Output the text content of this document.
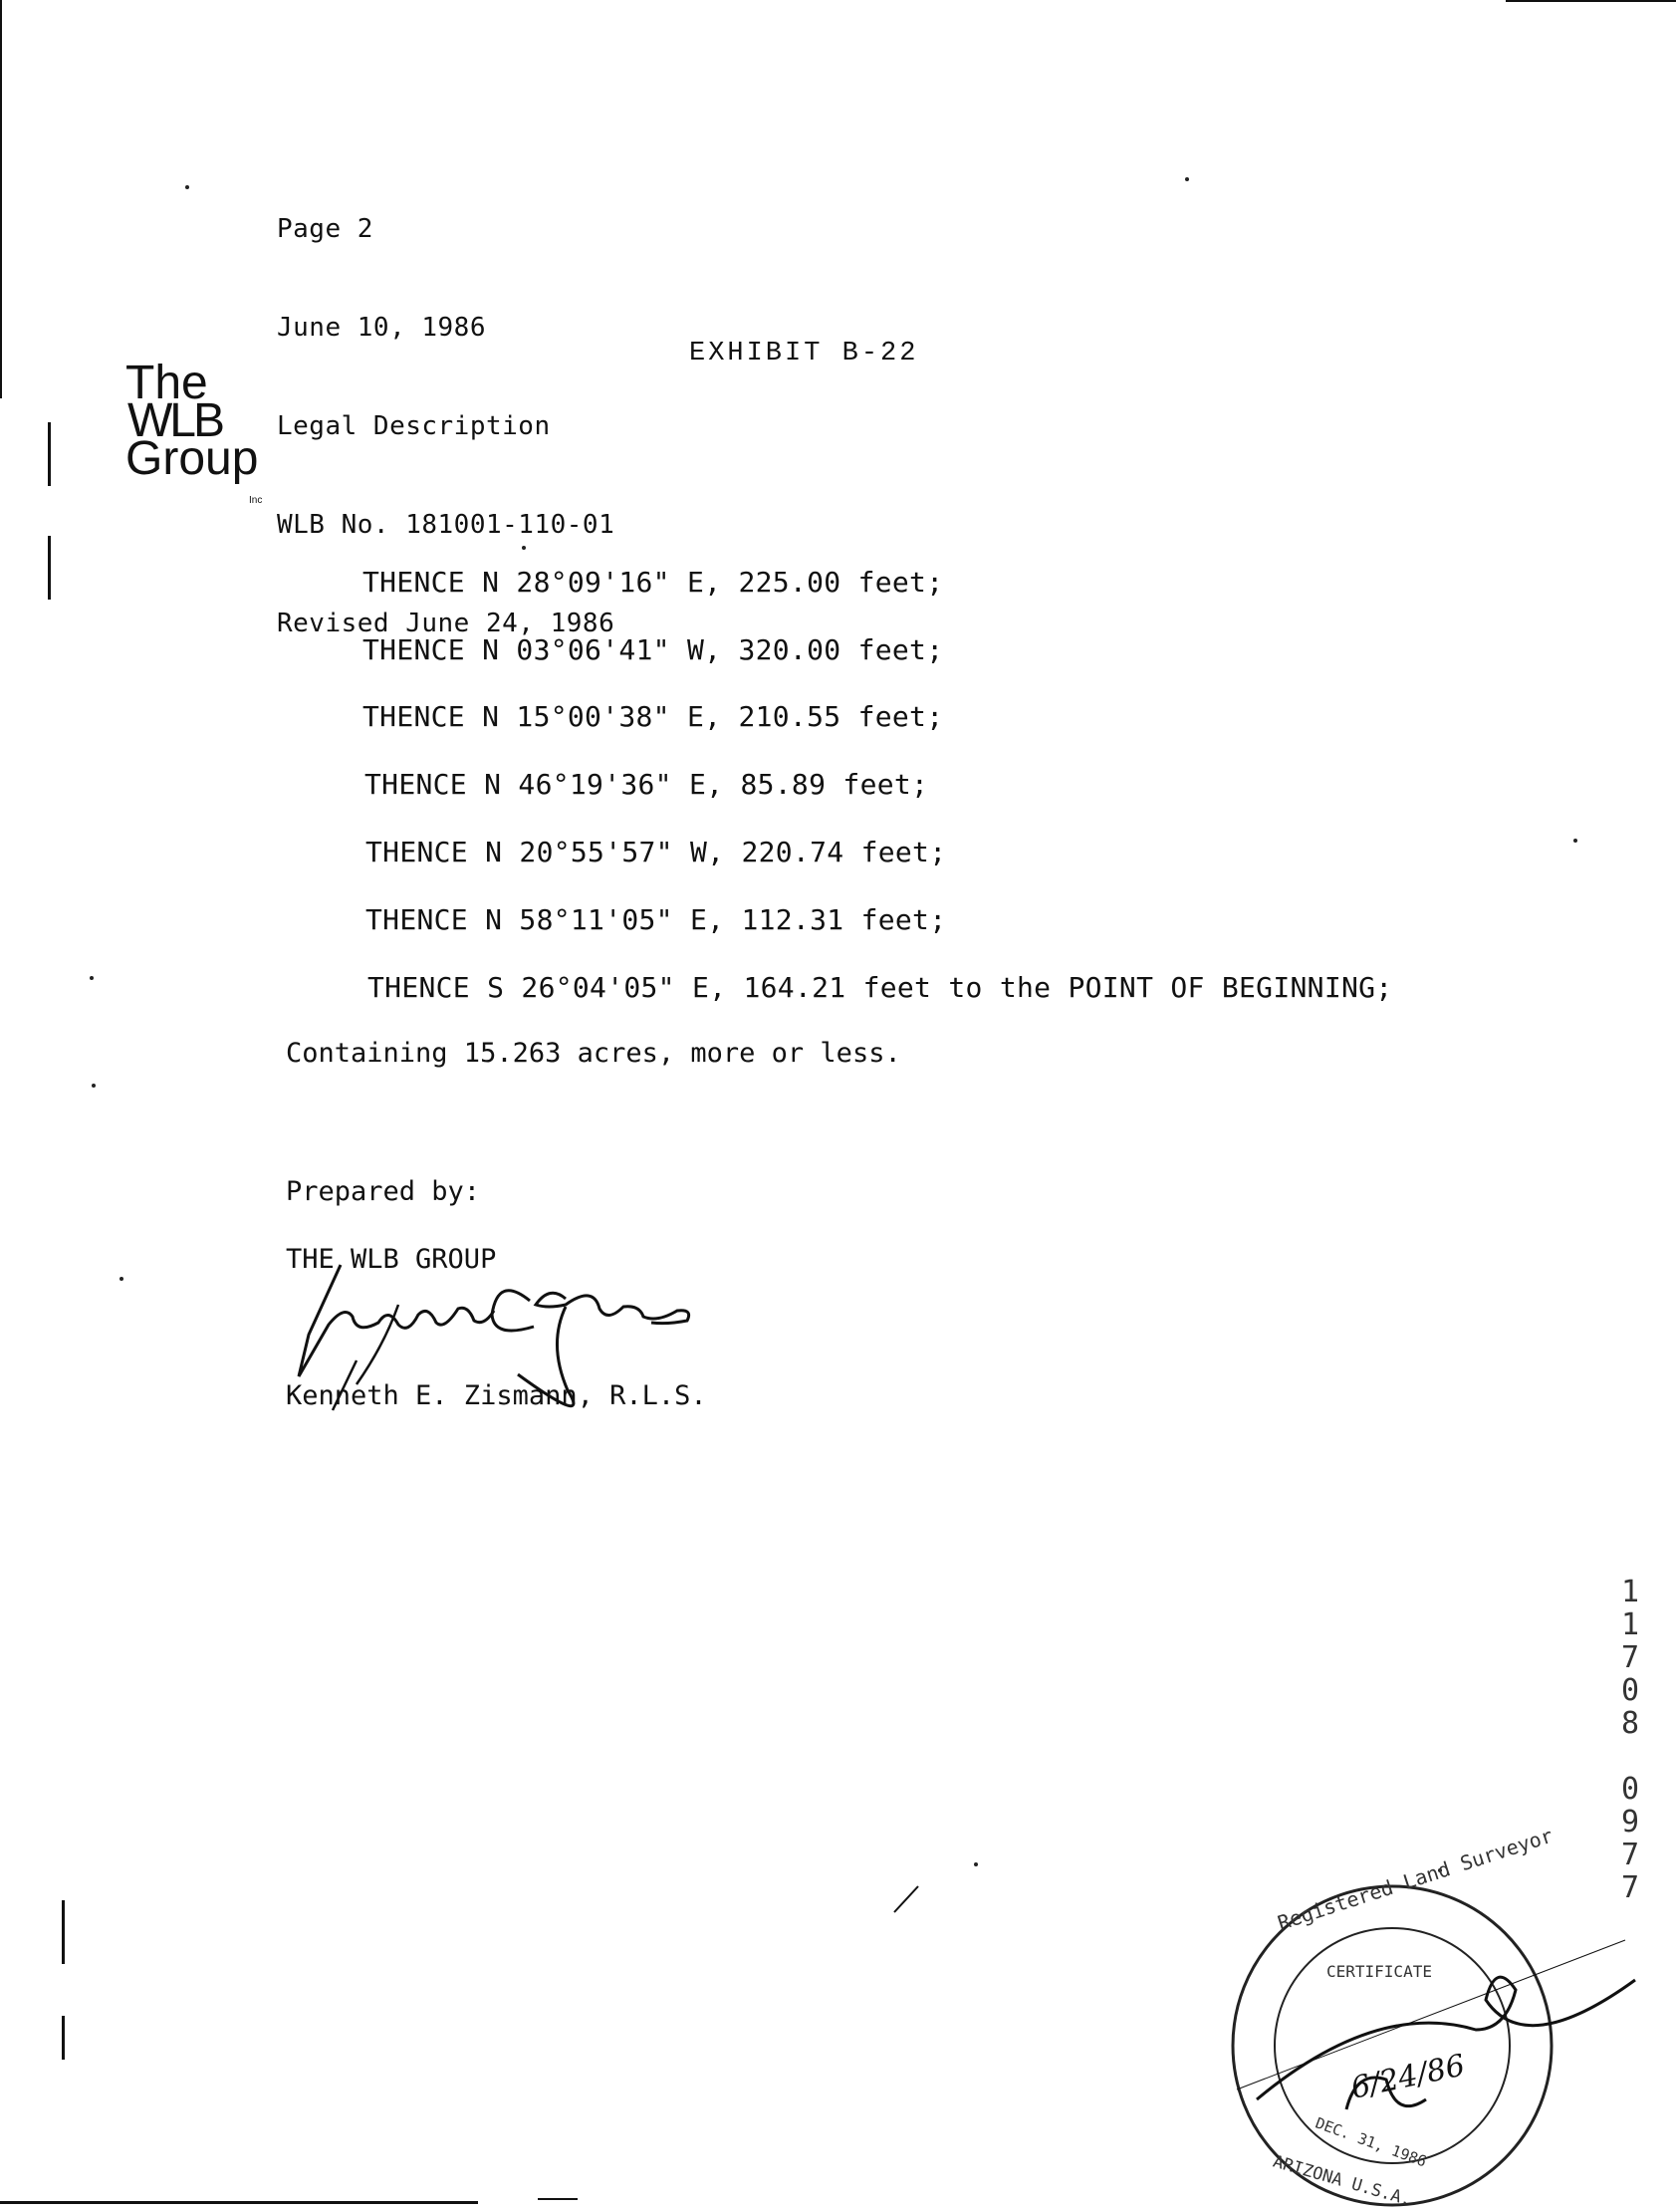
Page 2

June 10, 1986

Legal Description

WLB No. 181001-110-01

Revised June 24, 1986

EXHIBIT B-22
The
WLB
Group
Inc
THENCE N 28°09'16" E, 225.00 feet;
THENCE N 03°06'41" W, 320.00 feet;
THENCE N 15°00'38" E, 210.55 feet;
THENCE N 46°19'36" E, 85.89 feet;
THENCE N 20°55'57" W, 220.74 feet;
THENCE N 58°11'05" E, 112.31 feet;
THENCE S 26°04'05" E, 164.21 feet to the POINT OF BEGINNING;
Containing 15.263 acres, more or less.
Prepared by:
THE WLB GROUP
Kenneth E. Zismann, R.L.S.
1
1
7
0
8

0
9
7
7
Registered Land Surveyor
CERTIFICATE
6/24/86
DEC. 31, 1986
ARIZONA U.S.A.
